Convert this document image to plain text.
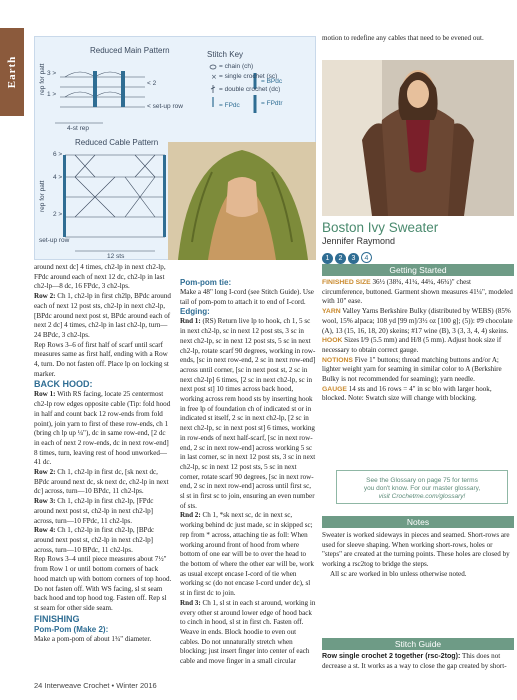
Earth	×
Reduced Main Pattern
rep for patt 3 >
1 >
< 2
< set-up row
4-st rep
Reduced Cable Pattern
rep for patt
6 >
4 >
2 >
set-up row
12 sts
Stitch Key
= chain (ch)
= single crochet (sc)
= double crochet (dc)
= BPdc
= FPdtr
= FPdc
motion to redefine any cables that need to be evened out.
Boston Ivy Sweater
Jennifer Raymond
1 2 3 4

around next dc] 4 times, ch2-lp in next ch2-lp, FPdc around each of next 12 dc, ch2-lp in last ch2-lp—8 dc, 16 FPdc, 3 ch2-lps.

Row 2: Ch 1, ch2-lp in first ch2lp, BPdc around each of next 12 post sts, ch2-lp in next ch2-lp, [BPdc around next post st, BPdc around each of next 2 dc] 4 times, ch2-lp in last ch2-lp, turn—24 BPdc, 3 ch2-lps.

Rep Rows 3–6 of first half of scarf until scarf measures same as first half, ending with a Row 4, turn. Do not fasten off. Place lp on locking st marker.

BACK HOOD:

Row 1: With RS facing, locate 25 centermost ch2-lp row edges opposite cable (Tip: fold hood in half and count back 12 row-ends from fold point), join yarn to first of these row-ends, ch 1 (bring ch lp up ¼"), dc in same row-end, [2 dc in each of next 2 row-ends, dc in next row-end] 8 times, turn, leaving rest of hood unworked—41 dc.

Row 2: Ch 1, ch2-lp in first dc, [sk next dc, BPdc around next dc, sk next dc, ch2-lp in next dc] across, turn—10 BPdc, 11 ch2-lps.

Row 3: Ch 1, ch2-lp in first ch2-lp, [FPdc around next post st, ch2-lp in next ch2-lp] across, turn—10 FPdc, 11 ch2-lps.

Row 4: Ch 1, ch2-lp in first ch2-lp, [BPdc around next post st, ch2-lp in next ch2-lp] across, turn—10 BPdc, 11 ch2-lps.

Rep Rows 3–4 until piece measures about 7½" from Row 1 or until bottom corners of back hood match up with bottom corners of top hood. Do not fasten off. With WS facing, sl st seam back hood and top hood tog. Fasten off. Rep sl st seam for other side seam.

FINISHING

Pom-Pom (Make 2):

Make a pom-pom of about 1¾" diameter.

Pom-pom tie:

Make a 48" long I-cord (see Stitch Guide). Use tail of pom-pom to attach it to end of I-cord.

Edging:

Rnd 1: (RS) Return live lp to hook, ch 1, 5 sc in next ch2-lp, sc in next 12 post sts, 3 sc in next ch2-lp, sc in next 12 post sts, 5 sc in next ch2-lp, rotate scarf 90 degrees, working in row-ends, [sc in next row-end, 2 sc in next row-end] across until corner, [sc in next post st, 2 sc in next ch2-lp] 6 times, [2 sc in next ch2-lp, sc in next post st] 10 times across back hood, working across rem hood sts by inserting hook in free lp of foundation ch of indicated st or in indicated st itself, 2 sc in next ch2-lp, [2 sc in next ch2-lp, sc in next post st] 6 times, working in row-ends of next half-scarf, [sc in next row-end, 2 sc in next row-end] across working 5 sc in last corner, sc in next 12 post sts, 3 sc in next ch2-lp, sc in next 12 post sts, 5 sc in next corner, rotate scarf 90 degrees, [sc in next row-end, 2 sc in next row-end] across until first sc, sl st in first sc to join, ensuring an even number of sts.

Rnd 2: Ch 1, *sk next sc, dc in next sc, working behind dc just made, sc in skipped sc; rep from * across, attaching tie as foll: When working around front of hood from where bottom of one ear will be to over the head to the bottom of where the other ear will be, work as usual except encase I-cord of tie when working sc (do not encase I-cord under dc), sl st in first dc to join.

Rnd 3: Ch 1, sl st in each st around, working in every other st around lower edge of hood back to cinch in hood, sl st in first ch. Fasten off. Weave in ends. Block hoodie to even out cables. Do not unnaturally stretch when blocking; just insert finger into center of each cable and move finger in a small circular

Getting Started

FINISHED SIZE 36½ (38¾, 41¼, 44¼, 46¾)" chest circumference, buttoned. Garment shown measures 41¼", modeled with 10" ease.

YARN Valley Yarns Berkshire Bulky (distributed by WEBS) (85% wool, 15% alpaca; 108 yd [99 m]/3½ oz [100 g]; (5)): #9 chocolate (A), 13 (15, 16, 18, 20) skeins; #17 wine (B), 3 (3, 3, 4, 4) skeins.

HOOK Sizes I/9 (5.5 mm) and H/8 (5 mm). Adjust hook size if necessary to obtain correct gauge.

NOTIONS Five 1" buttons; thread matching buttons and/or A; lighter weight yarn for seaming in similar color to A (Berkshire Bulky is not recommended for seaming); yarn needle.

GAUGE 14 sts and 16 rows = 4" in sc blo with larger hook, blocked. Note: Swatch size will change with blocking.

See the Glossary on page 75 for terms
you don't know. For our master glossary,
visit Crochetme.com/glossary!
Notes

Sweater is worked sideways in pieces and seamed. Short-rows are used for sleeve shaping. When working short-rows, holes or "steps" are created at the turning points. These holes are closed by working a rsc2tog to bridge the steps.

All sc are worked in blo unless otherwise noted.

Stitch Guide

Row single crochet 2 together (rsc-2tog): This does not decrease a st. It works as a way to close the gap created by short-

24 Interweave Crochet • Winter 2016
